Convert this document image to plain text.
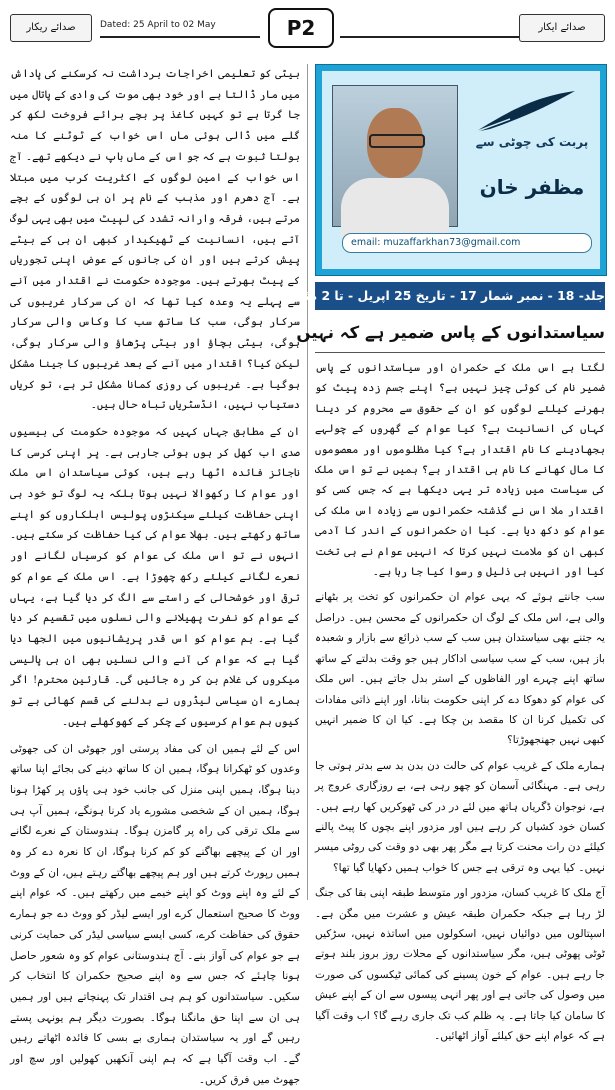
صدائے ریکار	Dated: 25 April to 02 May	P2	صدائے ایکار

بیٹی کو تعلیمی اخراجات برداشت نہ کرسکنے کی پاداش میں مار ڈالتا ہے اور خود بھی موت کی وادی کے پاتال میں جا گرتا ہے تو کہیں کاغذ پر بچے برائے فروخت لکھ کر گلے میں ڈالی ہوئی ماں اس خواب کے ٹوٹنے کا منہ بولتا ثبوت ہے کہ جو اس کے ماں باپ نے دیکھے تھے۔ آج اس خواب کے امین لوگوں کے اکثریت کرب میں مبتلا ہے۔ آج دھرم اور مذہب کے نام پر ان ہی لوگوں کے بچے مرتے ہیں، فرقہ وارانہ تشدد کی لپیٹ میں بھی یہی لوگ آتے ہیں، انسانیت کے ٹھیکیدار کبھی ان ہی کے بیٹے پیش کرتے ہیں اور ان کی جانوں کے عوض اپنی تجوریاں کے پیٹ بھرتے ہیں۔ موجودہ حکومت نے اقتدار میں آنے سے پہلے یہ وعدہ کیا تھا کہ ان کی سرکار غریبوں کی سرکار ہوگی، سب کا ساتھ سب کا وکاس والی سرکار ہوگی، بیٹی بچاؤ اور بیٹی پڑھاؤ والی سرکار ہوگی، لیکن کیا؟ اقتدار میں آنے کے بعد غریبوں کا جینا مشکل ہوگیا ہے۔ غریبوں کی روزی کمانا مشکل تر ہے، تو کریاں دستیاب نہیں، انڈسٹریاں تباہ حال ہیں۔

ان کے مطابق جہاں کہیں کہ موجودہ حکومت کی بیسیوں صدی اب کھل کر ہوں ہوئی جارہی ہے۔ پر اپنی کرسی کا ناجائز فائدہ اٹھا رہے ہیں، کوئی سیاستدان اس ملک اور عوام کا رکھوالا نہیں ہوتا بلکہ یہ لوگ تو خود ہی اپنی حفاظت کیلئے سیکنڑوں پولیس اہلکاروں کو اپنے ساتھ رکھتے ہیں۔ بھلا عوام کی کیا حفاظت کر سکتے ہیں۔ انہوں نے تو اس ملک کی عوام کو کرسیاں لگانے اور نعرے لگانے کیلئے رکھ چھوڑا ہے۔ اس ملک کے عوام کو ترقی اور خوشحالی کے راستے سے الگ کر دیا گیا ہے، یہاں کے عوام کو نفرت پھیلانے والی نسلوں میں تقسیم کر دیا گیا ہے۔ ہم عوام کو اس قدر پریشانیوں میں الجھا دیا گیا ہے کہ عوام کی آنے والی نسلیں بھی ان ہی پالیسی میکروں کی غلام بن کر رہ جائیں گی۔ قارئین محترم! اگر ہمارے ان سیاسی لیڈروں نے بدلنے کی قسم کھائی ہے تو کیوں ہم عوام کرسیوں کے چکر کے کھوکھلے ہیں۔

اس کے لئے ہمیں ان کی مفاد پرستی اور جھوٹی ان کی جھوٹی وعدوں کو ٹھکرانا ہوگا، ہمیں ان کا ساتھ دینے کی بجائے اپنا ساتھ دینا ہوگا، ہمیں اپنی منزل کی جانب خود ہی پاؤں پر کھڑا ہونا ہوگا، ہمیں ان کے شخصی مشورے یاد کرنا ہونگے، ہمیں آپ ہی سے ملک ترقی کی راہ پر گامزن ہوگا۔ ہندوستان کے نعرے لگانے اور ان کے پیچھے بھاگنے کو کم کرنا ہوگا، ان کا نعرہ دے کر وہ ہمیں رپورٹ کرتے ہیں اور ہم پیچھے بھاگتے رہتے ہیں، ان کے ووٹ کے لئے وہ اپنے ووٹ کو اپنے خیمے میں رکھتے ہیں۔ کہ عوام اپنے ووٹ کا صحیح استعمال کرے اور ایسے لیڈر کو ووٹ دے جو ہمارے حقوق کی حفاظت کرے، کسی ایسے سیاسی لیڈر کی حمایت کرنی ہے جو عوام کی آواز بنے۔ آج ہندوستانی عوام کو وہ شعور حاصل ہونا چاہئے کہ جس سے وہ اپنے صحیح حکمران کا انتخاب کر سکیں۔ سیاستدانوں کو ہم ہی اقتدار تک پہنچاتے ہیں اور ہمیں ہی ان سے اپنا حق مانگنا ہوگا۔ بصورت دیگر ہم یونہی پستے رہیں گے اور یہ سیاستدان ہماری بے بسی کا فائدہ اٹھاتے رہیں گے۔ اب وقت آگیا ہے کہ ہم اپنی آنکھیں کھولیں اور سچ اور جھوٹ میں فرق کریں۔

پربت کی چوٹی سے
مظفر خان
email: muzaffarkhan73@gmail.com
جلد- 18 - نمبر شمار 17 - تاریخ 25 اپریل - تا 2 مئی
سیاستدانوں کے پاس ضمیر ہے کہ نہیں

لگتا ہے اس ملک کے حکمران اور سیاستدانوں کے پاس ضمیر نام کی کوئی چیز نہیں ہے؟ اپنے جسم زدہ پیٹ کو بھرنے کیلئے لوگوں کو ان کے حقوق سے محروم کر دینا کہاں کی انسانیت ہے؟ کیا عوام کے گھروں کے چولہے بجھادینے کا نام اقتدار ہے؟ کیا مظلوموں اور معصوموں کا مال کھانے کا نام ہی اقتدار ہے؟ ہمیں نے تو اس ملک کی سیاست میں زیادہ تر یہی دیکھا ہے کہ جس کسی کو اقتدار ملا اس نے گذشتہ حکمرانوں سے زیادہ اس ملک کی عوام کو دکھ دیا ہے۔ کیا ان حکمرانوں کے اندر کا آدمی کبھی ان کو ملامت نہیں کرتا کہ انہیں عوام نے ہی تخت کیا اور انہیں ہی ذلیل و رسوا کیا جا رہا ہے۔

سب جانتے ہوئے کہ یہی عوام ان حکمرانوں کو تخت پر بٹھانے والی ہے، اس ملک کے لوگ ان حکمرانوں کے محسن ہیں۔ دراصل یہ جتنے بھی سیاستدان ہیں سب کے سب ذرائع سے بازار و شعبدہ باز ہیں، سب کے سب سیاسی اداکار ہیں جو وقت بدلتے کے ساتھ ساتھ اپنے چہرے اور الفاظوں کے استر بدل جاتے ہیں۔ اس ملک کی عوام کو دھوکا دے کر اپنی حکومت بنانا، اور اپنے ذاتی مفادات کی تکمیل کرنا ان کا مقصد بن چکا ہے۔ کیا ان کا ضمیر انہیں کبھی نہیں جھنجھوڑتا؟

ہمارے ملک کے غریب عوام کی حالت دن بدن بد سے بدتر ہوتی جا رہی ہے۔ مہنگائی آسمان کو چھو رہی ہے، بے روزگاری عروج پر ہے، نوجوان ڈگریاں ہاتھ میں لئے در در کی ٹھوکریں کھا رہے ہیں۔ کسان خود کشیاں کر رہے ہیں اور مزدور اپنے بچوں کا پیٹ پالنے کیلئے دن رات محنت کرتا ہے مگر پھر بھی دو وقت کی روٹی میسر نہیں۔ کیا یہی وہ ترقی ہے جس کا خواب ہمیں دکھایا گیا تھا؟

آج ملک کا غریب کسان، مزدور اور متوسط طبقہ اپنی بقا کی جنگ لڑ رہا ہے جبکہ حکمران طبقہ عیش و عشرت میں مگن ہے۔ اسپتالوں میں دوائیاں نہیں، اسکولوں میں اساتذہ نہیں، سڑکیں ٹوٹی پھوٹی ہیں، مگر سیاستدانوں کے محلات روز بروز بلند ہوتے جا رہے ہیں۔ عوام کے خون پسینے کی کمائی ٹیکسوں کی صورت میں وصول کی جاتی ہے اور پھر انہی پیسوں سے ان کے اپنے عیش کا سامان کیا جاتا ہے۔ یہ ظلم کب تک جاری رہے گا؟ اب وقت آگیا ہے کہ عوام اپنے حق کیلئے آواز اٹھائیں۔
